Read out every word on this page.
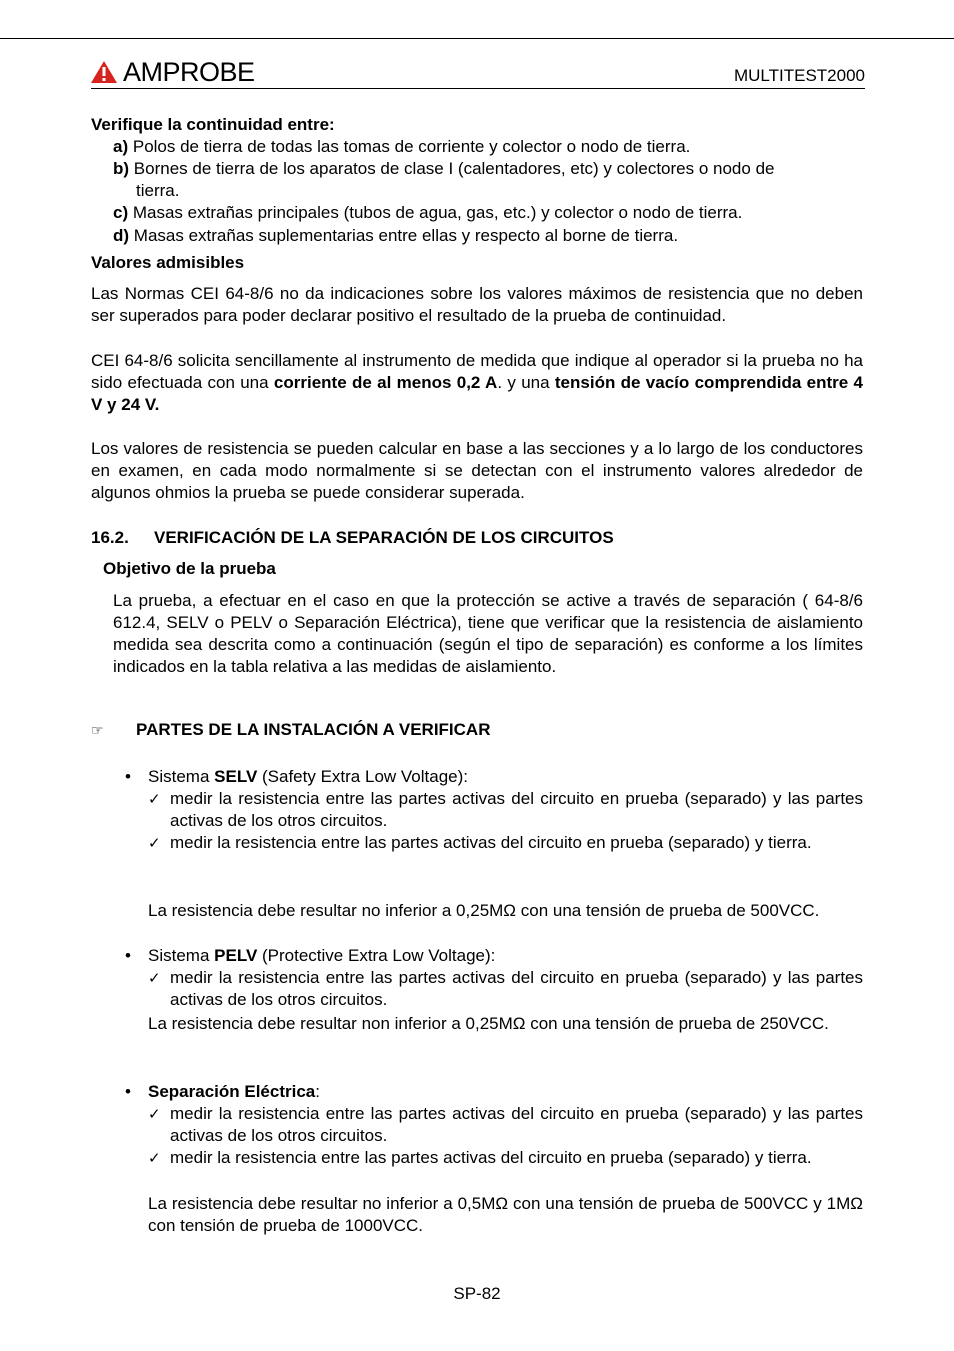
AMPROBE	MULTITEST2000
Verifique la continuidad entre:
a) Polos de tierra de todas las tomas de corriente y colector o nodo de tierra.
b) Bornes de tierra de los aparatos de clase I (calentadores, etc) y colectores o nodo de
tierra.
c) Masas extrañas principales (tubos de agua, gas, etc.) y colector o nodo de tierra.
d) Masas extrañas suplementarias entre ellas y respecto al borne de tierra.
Valores admisibles
Las Normas CEI 64-8/6 no da indicaciones sobre los valores máximos de resistencia que no deben ser superados para poder declarar positivo el resultado de la prueba de continuidad.
CEI 64-8/6 solicita sencillamente al instrumento de medida que indique al operador si la prueba no ha sido efectuada con una corriente de al menos 0,2 A. y una tensión de vacío comprendida entre 4 V y 24 V.
Los valores de resistencia se pueden calcular en base a las secciones y a lo largo de los conductores en examen, en cada modo normalmente si se detectan con el instrumento valores alrededor de algunos ohmios la prueba se puede considerar superada.
16.2. VERIFICACIÓN DE LA SEPARACIÓN DE LOS CIRCUITOS
Objetivo de la prueba
La prueba, a efectuar en el caso en que la protección se active a través de separación ( 64-8/6 612.4, SELV o PELV o Separación Eléctrica), tiene que verificar que la resistencia de aislamiento medida sea descrita como a continuación (según el tipo de separación) es conforme a los límites indicados en la tabla relativa a las medidas de aislamiento.
☞ PARTES DE LA INSTALACIÓN A VERIFICAR
• Sistema SELV (Safety Extra Low Voltage):
✓ medir la resistencia entre las partes activas del circuito en prueba (separado) y las partes activas de los otros circuitos.
✓ medir la resistencia entre las partes activas del circuito en prueba (separado) y tierra.
La resistencia debe resultar no inferior a 0,25MΩ con una tensión de prueba de 500VCC.
• Sistema PELV (Protective Extra Low Voltage):
✓ medir la resistencia entre las partes activas del circuito en prueba (separado) y las partes activas de los otros circuitos.
La resistencia debe resultar non inferior a 0,25MΩ con una tensión de prueba de 250VCC.
• Separación Eléctrica:
✓ medir la resistencia entre las partes activas del circuito en prueba (separado) y las partes activas de los otros circuitos.
✓ medir la resistencia entre las partes activas del circuito en prueba (separado) y tierra.
La resistencia debe resultar no inferior a 0,5MΩ con una tensión de prueba de 500VCC y 1MΩ con tensión de prueba de 1000VCC.
SP-82
